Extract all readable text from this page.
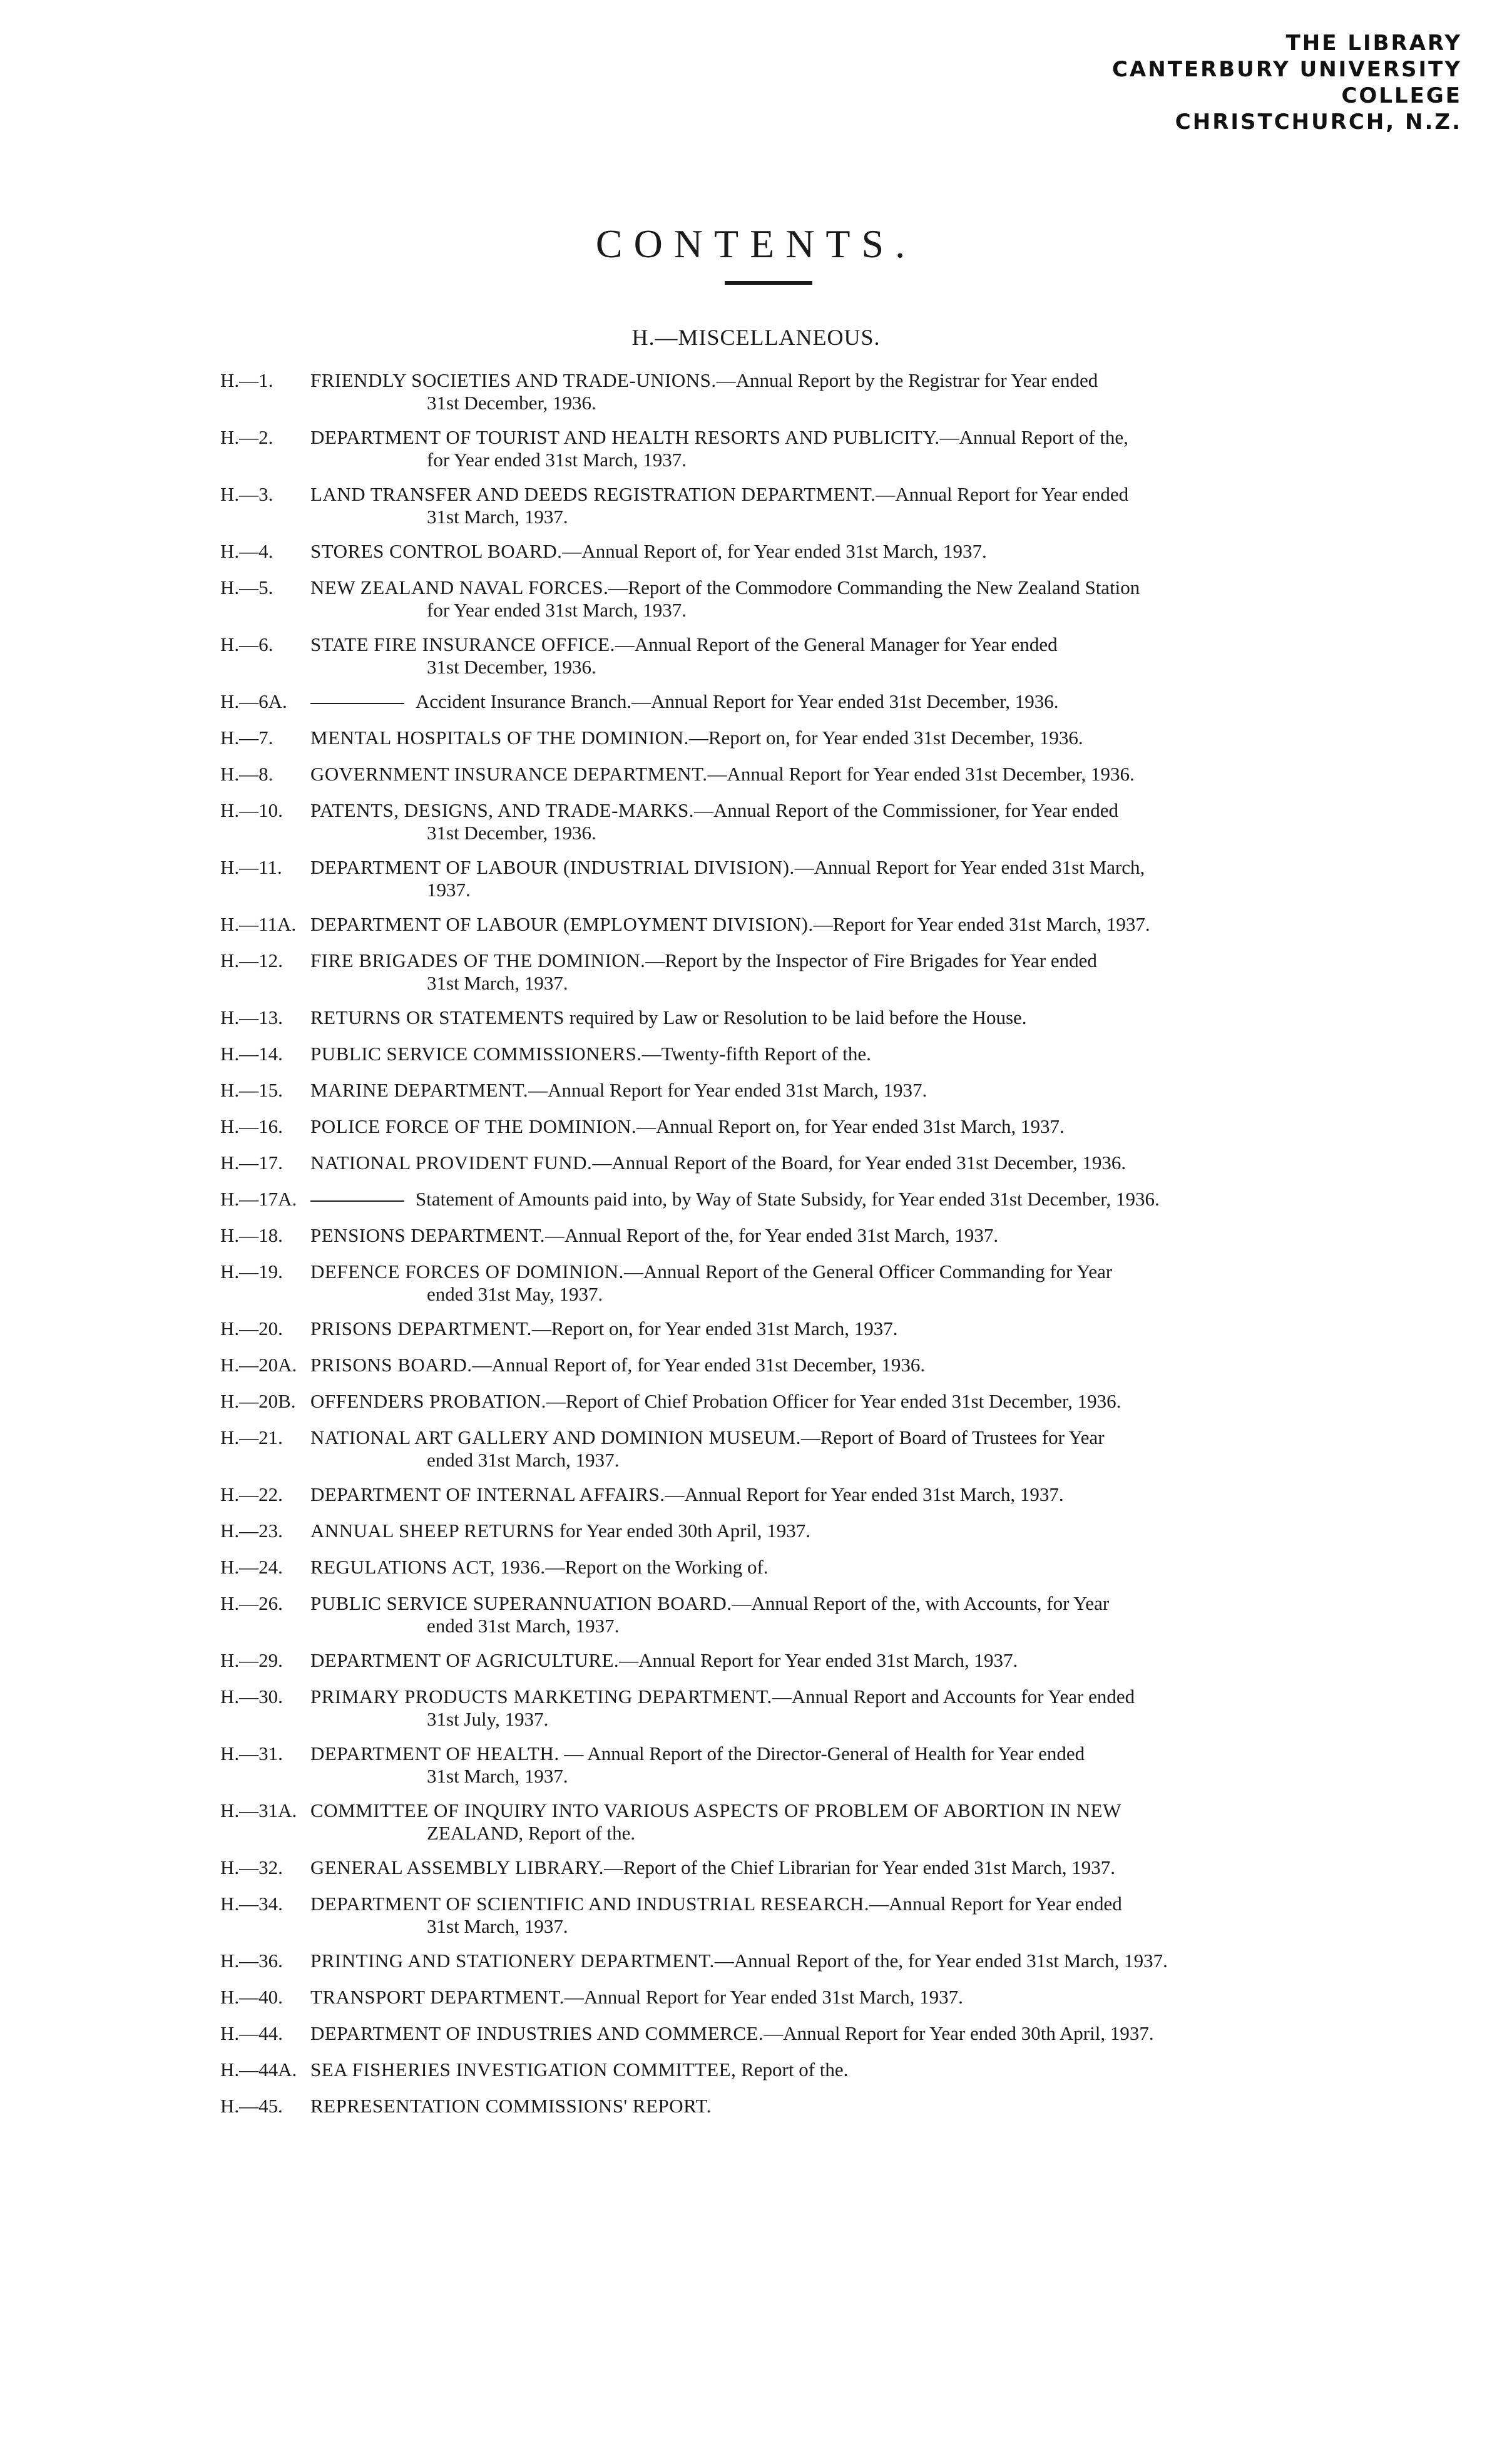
THE LIBRARY
CANTERBURY UNIVERSITY COLLEGE
CHRISTCHURCH, N.Z.
CONTENTS.
H.—MISCELLANEOUS.
H.—1. FRIENDLY SOCIETIES AND TRADE-UNIONS.—Annual Report by the Registrar for Year ended
31st December, 1936.
H.—2. DEPARTMENT OF TOURIST AND HEALTH RESORTS AND PUBLICITY.—Annual Report of the,
for Year ended 31st March, 1937.
H.—3. LAND TRANSFER AND DEEDS REGISTRATION DEPARTMENT.—Annual Report for Year ended
31st March, 1937.
H.—4. STORES CONTROL BOARD.—Annual Report of, for Year ended 31st March, 1937.
H.—5. NEW ZEALAND NAVAL FORCES.—Report of the Commodore Commanding the New Zealand Station
for Year ended 31st March, 1937.
H.—6. STATE FIRE INSURANCE OFFICE.—Annual Report of the General Manager for Year ended
31st December, 1936.
H.—6A.	Accident Insurance Branch.—Annual Report for Year ended 31st December, 1936.
H.—7. MENTAL HOSPITALS OF THE DOMINION.—Report on, for Year ended 31st December, 1936.
H.—8. GOVERNMENT INSURANCE DEPARTMENT.—Annual Report for Year ended 31st December, 1936.
H.—10. PATENTS, DESIGNS, AND TRADE-MARKS.—Annual Report of the Commissioner, for Year ended
31st December, 1936.
H.—11. DEPARTMENT OF LABOUR (INDUSTRIAL DIVISION).—Annual Report for Year ended 31st March,
1937.
H.—11A. DEPARTMENT OF LABOUR (EMPLOYMENT DIVISION).—Report for Year ended 31st March, 1937.
H.—12. FIRE BRIGADES OF THE DOMINION.—Report by the Inspector of Fire Brigades for Year ended
31st March, 1937.
H.—13. RETURNS OR STATEMENTS required by Law or Resolution to be laid before the House.
H.—14. PUBLIC SERVICE COMMISSIONERS.—Twenty-fifth Report of the.
H.—15. MARINE DEPARTMENT.—Annual Report for Year ended 31st March, 1937.
H.—16. POLICE FORCE OF THE DOMINION.—Annual Report on, for Year ended 31st March, 1937.
H.—17. NATIONAL PROVIDENT FUND.—Annual Report of the Board, for Year ended 31st December, 1936.
H.—17A.	Statement of Amounts paid into, by Way of State Subsidy, for Year ended 31st December, 1936.
H.—18. PENSIONS DEPARTMENT.—Annual Report of the, for Year ended 31st March, 1937.
H.—19. DEFENCE FORCES OF DOMINION.—Annual Report of the General Officer Commanding for Year
ended 31st May, 1937.
H.—20. PRISONS DEPARTMENT.—Report on, for Year ended 31st March, 1937.
H.—20A. PRISONS BOARD.—Annual Report of, for Year ended 31st December, 1936.
H.—20B. OFFENDERS PROBATION.—Report of Chief Probation Officer for Year ended 31st December, 1936.
H.—21. NATIONAL ART GALLERY AND DOMINION MUSEUM.—Report of Board of Trustees for Year
ended 31st March, 1937.
H.—22. DEPARTMENT OF INTERNAL AFFAIRS.—Annual Report for Year ended 31st March, 1937.
H.—23. ANNUAL SHEEP RETURNS for Year ended 30th April, 1937.
H.—24. REGULATIONS ACT, 1936.—Report on the Working of.
H.—26. PUBLIC SERVICE SUPERANNUATION BOARD.—Annual Report of the, with Accounts, for Year
ended 31st March, 1937.
H.—29. DEPARTMENT OF AGRICULTURE.—Annual Report for Year ended 31st March, 1937.
H.—30. PRIMARY PRODUCTS MARKETING DEPARTMENT.—Annual Report and Accounts for Year ended
31st July, 1937.
H.—31. DEPARTMENT OF HEALTH. — Annual Report of the Director-General of Health for Year ended
31st March, 1937.
H.—31A. COMMITTEE OF INQUIRY INTO VARIOUS ASPECTS OF PROBLEM OF ABORTION IN NEW
ZEALAND, Report of the.
H.—32. GENERAL ASSEMBLY LIBRARY.—Report of the Chief Librarian for Year ended 31st March, 1937.
H.—34. DEPARTMENT OF SCIENTIFIC AND INDUSTRIAL RESEARCH.—Annual Report for Year ended
31st March, 1937.
H.—36. PRINTING AND STATIONERY DEPARTMENT.—Annual Report of the, for Year ended 31st March, 1937.
H.—40. TRANSPORT DEPARTMENT.—Annual Report for Year ended 31st March, 1937.
H.—44. DEPARTMENT OF INDUSTRIES AND COMMERCE.—Annual Report for Year ended 30th April, 1937.
H.—44A. SEA FISHERIES INVESTIGATION COMMITTEE, Report of the.
H.—45. REPRESENTATION COMMISSIONS' REPORT.
